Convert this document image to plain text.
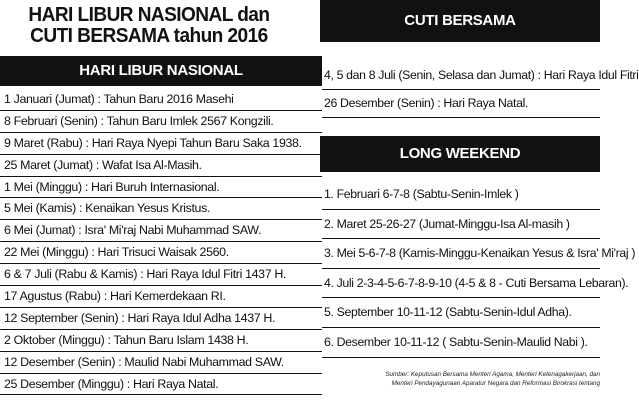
HARI LIBUR NASIONAL dan
CUTI BERSAMA tahun 2016
HARI LIBUR NASIONAL
1 Januari (Jumat) : Tahun Baru 2016 Masehi
8 Februari (Senin) : Tahun Baru Imlek 2567 Kongzili.
9 Maret (Rabu) : Hari Raya Nyepi Tahun Baru Saka 1938.
25 Maret (Jumat) : Wafat Isa Al-Masih.
1 Mei (Minggu) : Hari Buruh Internasional.
5 Mei (Kamis) : Kenaikan Yesus Kristus.
6 Mei (Jumat) : Isra' Mi'raj Nabi Muhammad SAW.
22 Mei (Minggu) : Hari Trisuci Waisak 2560.
6 & 7 Juli (Rabu & Kamis) : Hari Raya Idul Fitri 1437 H.
17 Agustus (Rabu) : Hari Kemerdekaan RI.
12 September (Senin) : Hari Raya Idul Adha 1437 H.
2 Oktober (Minggu) : Tahun Baru Islam 1438 H.
12 Desember (Senin) : Maulid Nabi Muhammad SAW.
25 Desember (Minggu) : Hari Raya Natal.
CUTI BERSAMA
4, 5 dan 8 Juli (Senin, Selasa dan Jumat) : Hari Raya Idul Fitri
26 Desember (Senin) : Hari Raya Natal.
LONG WEEKEND
1. Februari 6-7-8 (Sabtu-Senin-Imlek )
2. Maret 25-26-27 (Jumat-Minggu-Isa Al-masih )
3. Mei 5-6-7-8 (Kamis-Minggu-Kenaikan Yesus & Isra' Mi'raj )
4. Juli 2-3-4-5-6-7-8-9-10 (4-5 & 8 - Cuti Bersama Lebaran).
5. September 10-11-12 (Sabtu-Senin-Idul Adha).
6. Desember 10-11-12 ( Sabtu-Senin-Maulid Nabi ).
Sumber: Keputusan Bersama Menteri Agama, Menteri Ketenagakerjaan, dan
Menteri Pendayagunaan Aparatur Negara dan Reformasi Birokrasi tentang
